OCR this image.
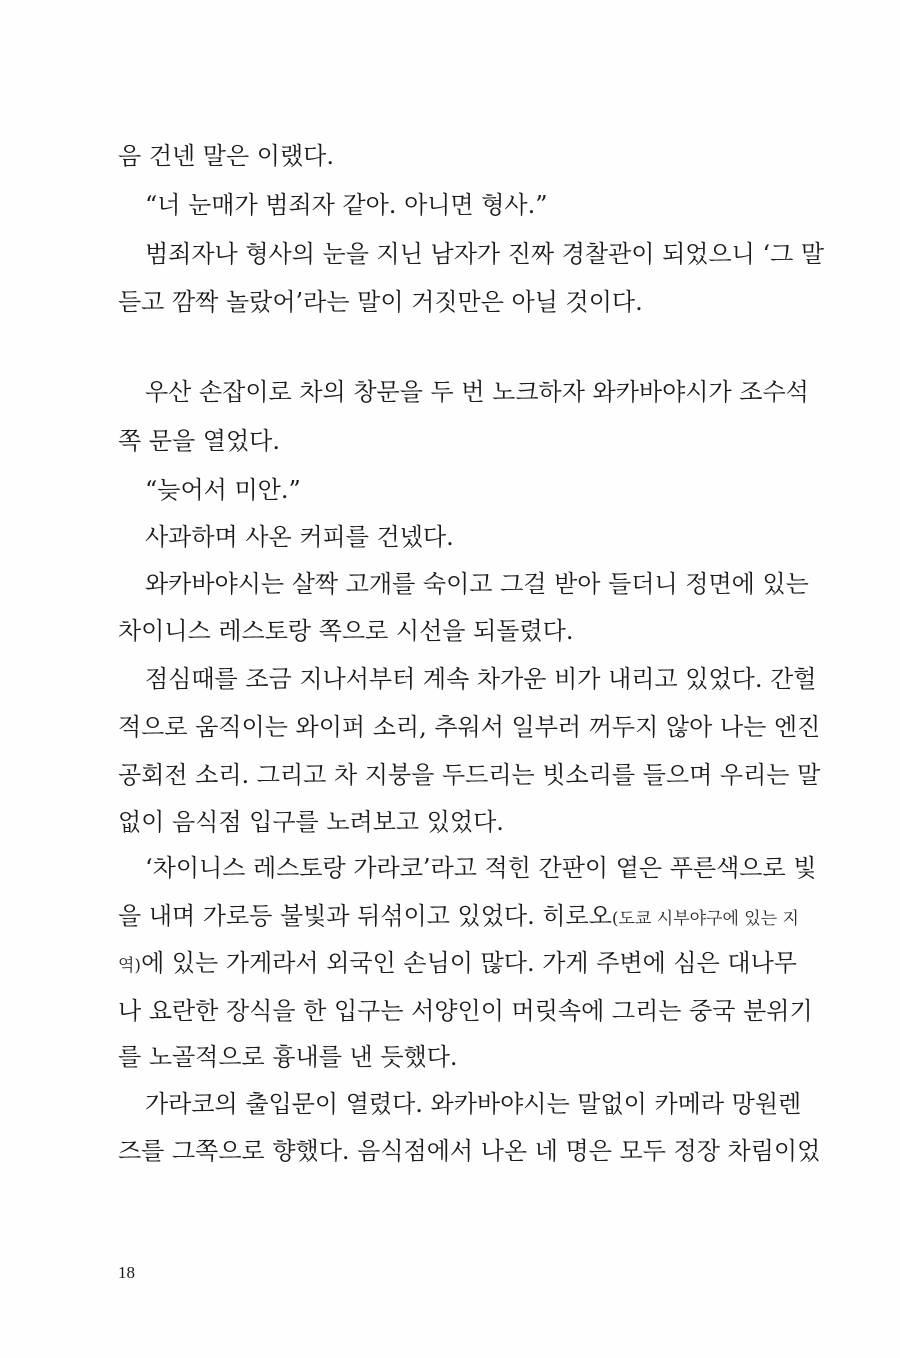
음 건넨 말은 이랬다.

“너 눈매가 범죄자 같아. 아니면 형사.”

범죄자나 형사의 눈을 지닌 남자가 진짜 경찰관이 되었으니 ‘그 말

듣고 깜짝 놀랐어’라는 말이 거짓만은 아닐 것이다.

우산 손잡이로 차의 창문을 두 번 노크하자 와카바야시가 조수석

쪽 문을 열었다.

“늦어서 미안.”

사과하며 사온 커피를 건넸다.

와카바야시는 살짝 고개를 숙이고 그걸 받아 들더니 정면에 있는

차이니스 레스토랑 쪽으로 시선을 되돌렸다.

점심때를 조금 지나서부터 계속 차가운 비가 내리고 있었다. 간헐

적으로 움직이는 와이퍼 소리, 추워서 일부러 꺼두지 않아 나는 엔진

공회전 소리. 그리고 차 지붕을 두드리는 빗소리를 들으며 우리는 말

없이 음식점 입구를 노려보고 있었다.

‘차이니스 레스토랑 가라코’라고 적힌 간판이 옅은 푸른색으로 빛

을 내며 가로등 불빛과 뒤섞이고 있었다. 히로오(도쿄 시부야구에 있는 지

역)에 있는 가게라서 외국인 손님이 많다. 가게 주변에 심은 대나무

나 요란한 장식을 한 입구는 서양인이 머릿속에 그리는 중국 분위기

를 노골적으로 흉내를 낸 듯했다.

가라코의 출입문이 열렸다. 와카바야시는 말없이 카메라 망원렌

즈를 그쪽으로 향했다. 음식점에서 나온 네 명은 모두 정장 차림이었

18
